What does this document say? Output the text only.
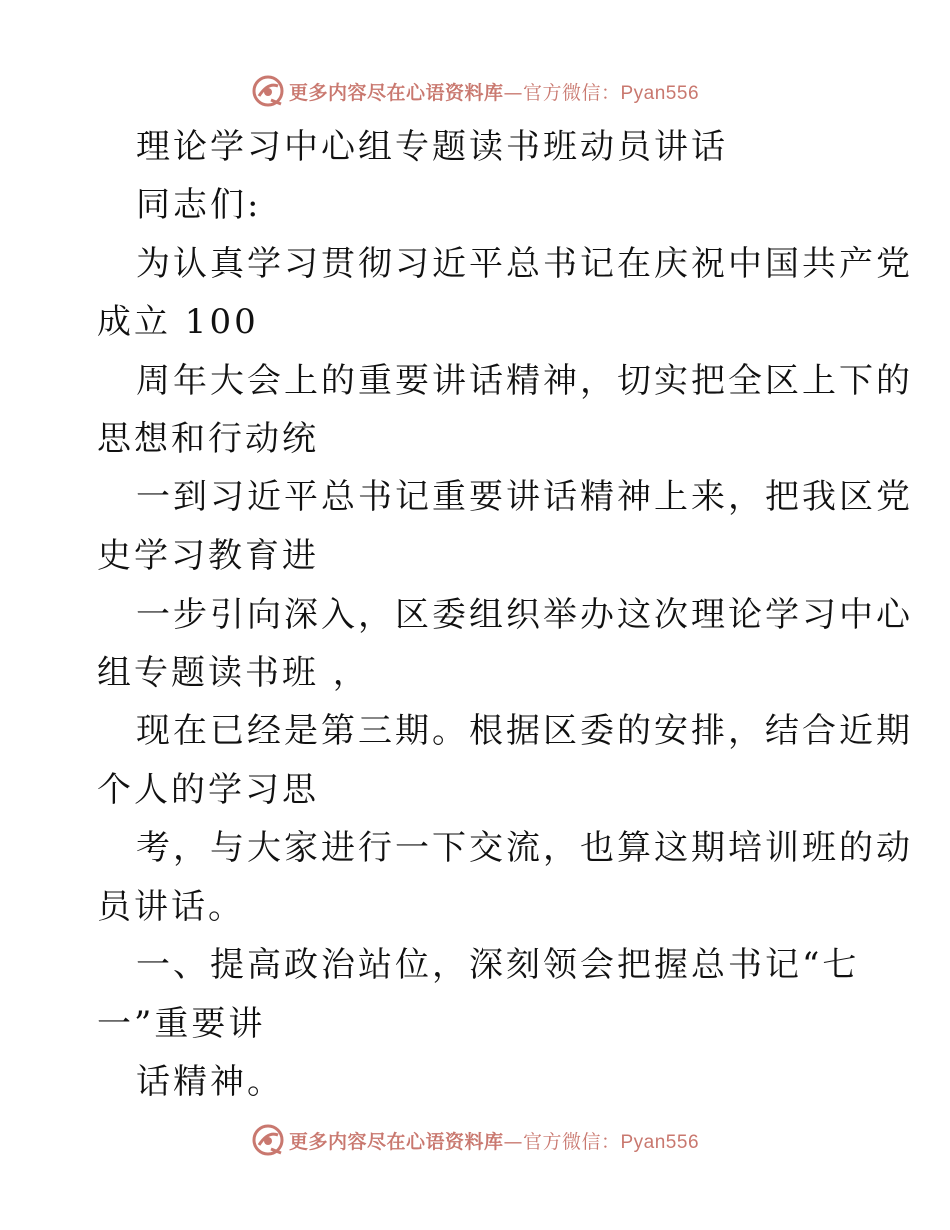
更多内容尽在心语资料库—官方微信：Pyan556
理论学习中心组专题读书班动员讲话
同志们:
为认真学习贯彻习近平总书记在庆祝中国共产党
成立 100
周年大会上的重要讲话精神，切实把全区上下的
思想和行动统
一到习近平总书记重要讲话精神上来，把我区党
史学习教育进
一步引向深入，区委组织举办这次理论学习中心
组专题读书班 ，
现在已经是第三期。根据区委的安排，结合近期
个人的学习思
考，与大家进行一下交流，也算这期培训班的动
员讲话。
一、提高政治站位，深刻领会把握总书记“七
一”重要讲
话精神。
更多内容尽在心语资料库—官方微信：Pyan556
